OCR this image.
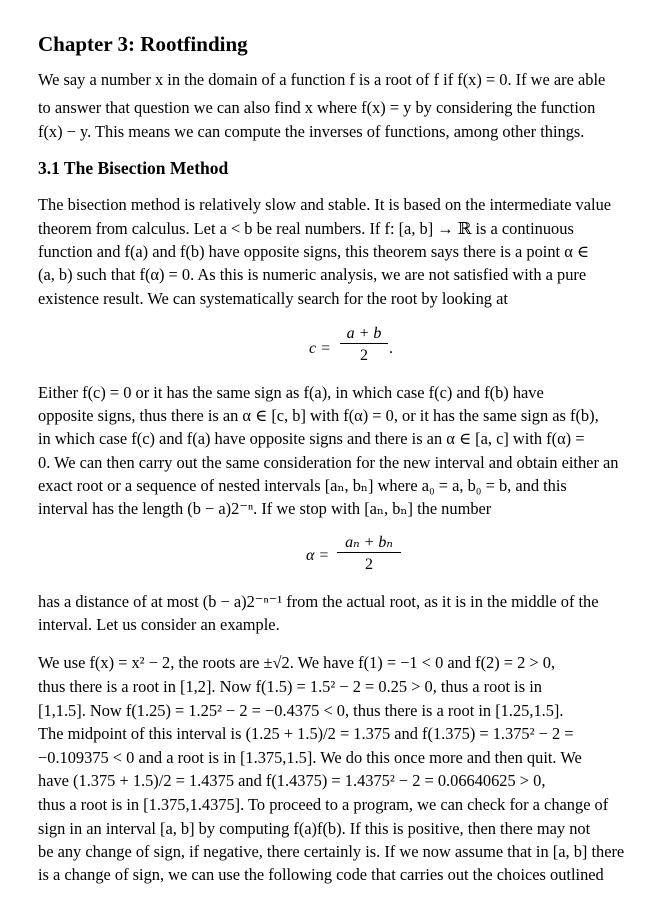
Chapter 3: Rootfinding

We say a number x in the domain of a function f is a root of f if f(x) = 0. If we are able

to answer that question we can also find x where f(x) = y by considering the function

f(x) − y. This means we can compute the inverses of functions, among other things.

3.1 The Bisection Method

The bisection method is relatively slow and stable. It is based on the intermediate value

theorem from calculus. Let a < b be real numbers. If f: [a, b] → ℝ is a continuous

function and f(a) and f(b) have opposite signs, this theorem says there is a point α ∈

(a, b) such that f(α) = 0. As this is numeric analysis, we are not satisfied with a pure

existence result. We can systematically search for the root by looking at

c =
a + b
2	.

Either f(c) = 0 or it has the same sign as f(a), in which case f(c) and f(b) have

opposite signs, thus there is an α ∈ [c, b] with f(α) = 0, or it has the same sign as f(b),

in which case f(c) and f(a) have opposite signs and there is an α ∈ [a, c] with f(α) =

0. We can then carry out the same consideration for the new interval and obtain either an

exact root or a sequence of nested intervals [aₙ, bₙ] where a₀ = a, b₀ = b, and this

interval has the length (b − a)2⁻ⁿ. If we stop with [aₙ, bₙ] the number

α =
aₙ + bₙ
2

has a distance of at most (b − a)2⁻ⁿ⁻¹ from the actual root, as it is in the middle of the

interval. Let us consider an example.

We use f(x) = x² − 2, the roots are ±√2. We have f(1) = −1 < 0 and f(2) = 2 > 0,

thus there is a root in [1,2]. Now f(1.5) = 1.5² − 2 = 0.25 > 0, thus a root is in

[1,1.5]. Now f(1.25) = 1.25² − 2 = −0.4375 < 0, thus there is a root in [1.25,1.5].

The midpoint of this interval is (1.25 + 1.5)/2 = 1.375 and f(1.375) = 1.375² − 2 =

−0.109375 < 0 and a root is in [1.375,1.5]. We do this once more and then quit. We

have (1.375 + 1.5)/2 = 1.4375 and f(1.4375) = 1.4375² − 2 = 0.06640625 > 0,

thus a root is in [1.375,1.4375]. To proceed to a program, we can check for a change of

sign in an interval [a, b] by computing f(a)f(b). If this is positive, then there may not

be any change of sign, if negative, there certainly is. If we now assume that in [a, b] there

is a change of sign, we can use the following code that carries out the choices outlined
